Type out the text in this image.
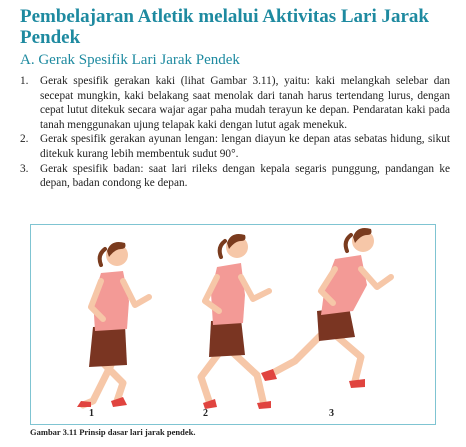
Pembelajaran Atletik melalui Aktivitas Lari Jarak Pendek
A. Gerak Spesifik Lari Jarak Pendek
1. Gerak spesifik gerakan kaki (lihat Gambar 3.11), yaitu: kaki melangkah selebar dan secepat mungkin, kaki belakang saat menolak dari tanah harus tertendang lurus, dengan cepat lutut ditekuk secara wajar agar paha mudah terayun ke depan. Pendaratan kaki pada tanah menggunakan ujung telapak kaki dengan lutut agak menekuk.

2. Gerak spesifik gerakan ayunan lengan: lengan diayun ke depan atas sebatas hidung, sikut ditekuk kurang lebih membentuk sudut 90°.

3. Gerak spesifik badan: saat lari rileks dengan kepala segaris punggung, pandangan ke depan, badan condong ke depan.

1	2	3
Gambar 3.11 Prinsip dasar lari jarak pendek.
